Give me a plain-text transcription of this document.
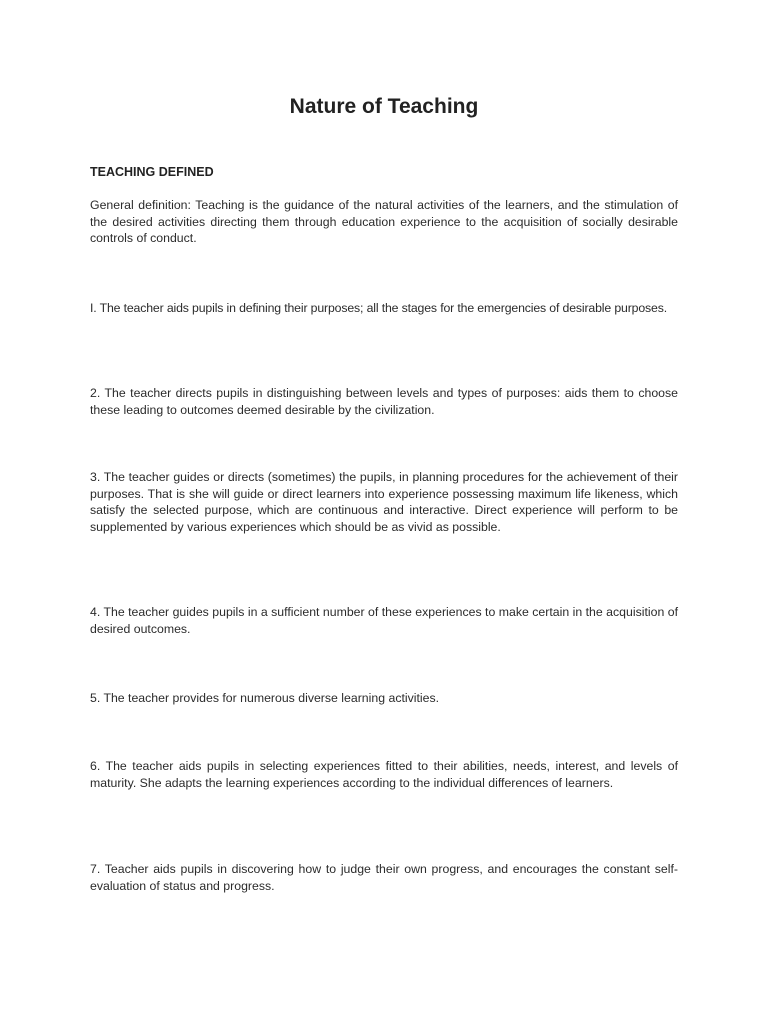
Nature of Teaching
TEACHING DEFINED
General definition: Teaching is the guidance of the natural activities of the learners, and the stimulation of the desired activities directing them through education experience to the acquisition of socially desirable controls of conduct.
I. The teacher aids pupils in defining their purposes; all the stages for the emergencies of desirable purposes.
2. The teacher directs pupils in distinguishing between levels and types of purposes: aids them to choose these leading to outcomes deemed desirable by the civilization.
3. The teacher guides or directs (sometimes) the pupils, in planning procedures for the achievement of their purposes. That is she will guide or direct learners into experience possessing maximum life likeness, which satisfy the selected purpose, which are continuous and interactive. Direct experience will perform to be supplemented by various experiences which should be as vivid as possible.
4. The teacher guides pupils in a sufficient number of these experiences to make certain in the acquisition of desired outcomes.
5. The teacher provides for numerous diverse learning activities.
6. The teacher aids pupils in selecting experiences fitted to their abilities, needs, interest, and levels of maturity. She adapts the learning experiences according to the individual differences of learners.
7. Teacher aids pupils in discovering how to judge their own progress, and encourages the constant self-evaluation of status and progress.
